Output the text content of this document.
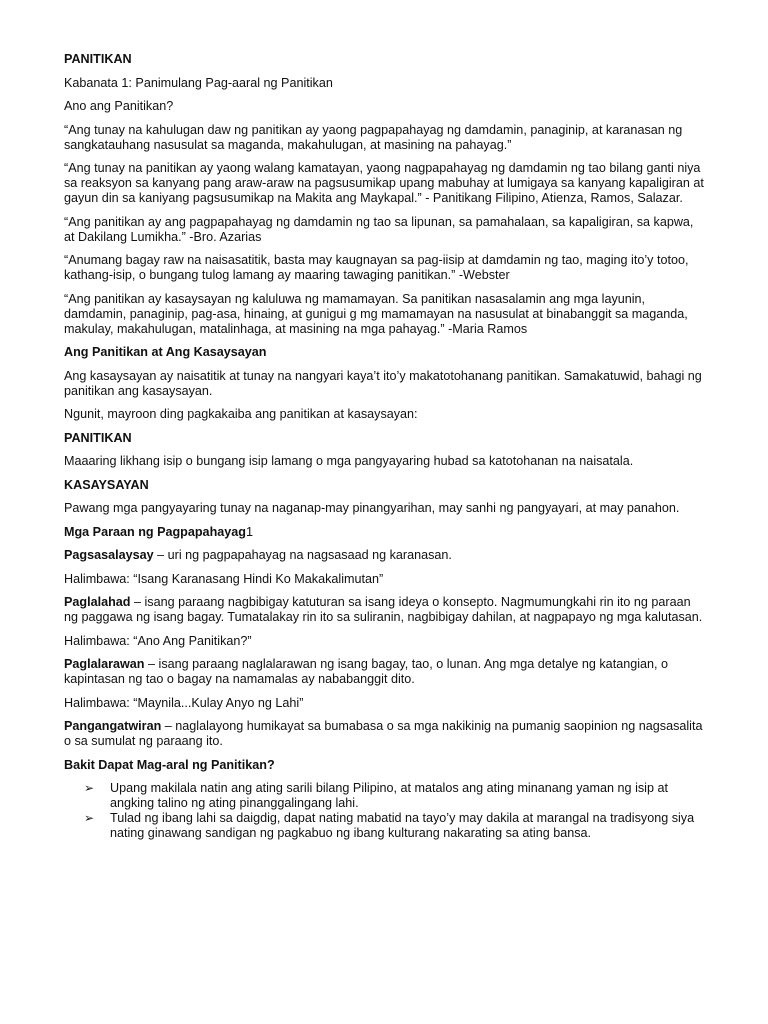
PANITIKAN

Kabanata 1: Panimulang Pag-aaral ng Panitikan

Ano ang Panitikan?

“Ang tunay na kahulugan daw ng panitikan ay yaong pagpapahayag ng damdamin, panaginip, at karanasan ng sangkatauhang nasusulat sa maganda, makahulugan, at masining na pahayag.”

“Ang tunay na panitikan ay yaong walang kamatayan, yaong nagpapahayag ng damdamin ng tao bilang ganti niya sa reaksyon sa kanyang pang araw-araw na pagsusumikap upang mabuhay at lumigaya sa kanyang kapaligiran at gayun din sa kaniyang pagsusumikap na Makita ang Maykapal.” - Panitikang Filipino, Atienza, Ramos, Salazar.

“Ang panitikan ay ang pagpapahayag ng damdamin ng tao sa lipunan, sa pamahalaan, sa kapaligiran, sa kapwa, at Dakilang Lumikha.” -Bro. Azarias

“Anumang bagay raw na naisasatitik, basta may kaugnayan sa pag-iisip at damdamin ng tao, maging ito’y totoo, kathang-isip, o bungang tulog lamang ay maaring tawaging panitikan.” -Webster

“Ang panitikan ay kasaysayan ng kaluluwa ng mamamayan. Sa panitikan nasasalamin ang mga layunin, damdamin, panaginip, pag-asa, hinaing, at gunigui g mg mamamayan na nasusulat at binabanggit sa maganda, makulay, makahulugan, matalinhaga, at masining na mga pahayag.” -Maria Ramos

Ang Panitikan at Ang Kasaysayan

Ang kasaysayan ay naisatitik at tunay na nangyari kaya’t ito’y makatotohanang panitikan. Samakatuwid, bahagi ng panitikan ang kasaysayan.

Ngunit, mayroon ding pagkakaiba ang panitikan at kasaysayan:

PANITIKAN

Maaaring likhang isip o bungang isip lamang o mga pangyayaring hubad sa katotohanan na naisatala.

KASAYSAYAN

Pawang mga pangyayaring tunay na naganap-may pinangyarihan, may sanhi ng pangyayari, at may panahon.

Mga Paraan ng Pagpapahayag1

Pagsasalaysay – uri ng pagpapahayag na nagsasaad ng karanasan.

Halimbawa: “Isang Karanasang Hindi Ko Makakalimutan”

Paglalahad – isang paraang nagbibigay katuturan sa isang ideya o konsepto. Nagmumungkahi rin ito ng paraan ng paggawa ng isang bagay. Tumatalakay rin ito sa suliranin, nagbibigay dahilan, at nagpapayo ng mga kalutasan.

Halimbawa: “Ano Ang Panitikan?”

Paglalarawan – isang paraang naglalarawan ng isang bagay, tao, o lunan. Ang mga detalye ng katangian, o kapintasan ng tao o bagay na namamalas ay nababanggit dito.

Halimbawa: “Maynila...Kulay Anyo ng Lahi”

Pangangatwiran – naglalayong humikayat sa bumabasa o sa mga nakikinig na pumanig saopinion ng nagsasalita o sa sumulat ng paraang ito.

Bakit Dapat Mag-aral ng Panitikan?

➢ Upang makilala natin ang ating sarili bilang Pilipino, at matalos ang ating minanang yaman ng isip at angking talino ng ating pinanggalingang lahi.
➢ Tulad ng ibang lahi sa daigdig, dapat nating mabatid na tayo’y may dakila at marangal na tradisyong siya nating ginawang sandigan ng pagkabuo ng ibang kulturang nakarating sa ating bansa.
